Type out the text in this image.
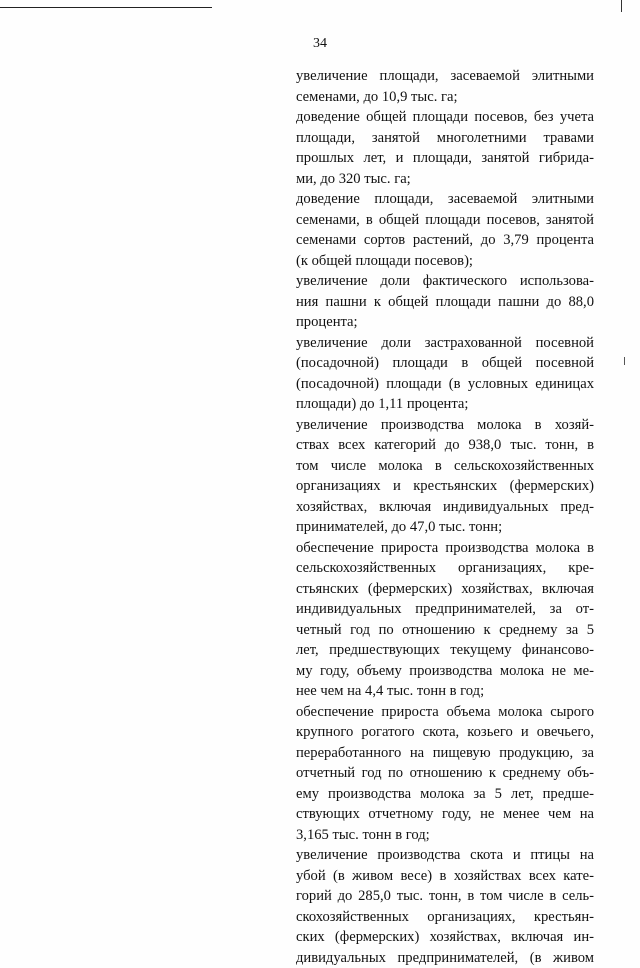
34
увеличение площади, засеваемой элитными
семенами, до 10,9 тыс. га;
доведение общей площади посевов, без учета
площади, занятой многолетними травами
прошлых лет, и площади, занятой гибрида-
ми, до 320 тыс. га;
доведение площади, засеваемой элитными
семенами, в общей площади посевов, занятой
семенами сортов растений, до 3,79 процента
(к общей площади посевов);
увеличение доли фактического использова-
ния пашни к общей площади пашни до 88,0
процента;
увеличение доли застрахованной посевной
(посадочной) площади в общей посевной
(посадочной) площади (в условных единицах
площади) до 1,11 процента;
увеличение производства молока в хозяй-
ствах всех категорий до 938,0 тыс. тонн, в
том числе молока в сельскохозяйственных
организациях и крестьянских (фермерских)
хозяйствах, включая индивидуальных пред-
принимателей, до 47,0 тыс. тонн;
обеспечение прироста производства молока в
сельскохозяйственных организациях, кре-
стьянских (фермерских) хозяйствах, включая
индивидуальных предпринимателей, за от-
четный год по отношению к среднему за 5
лет, предшествующих текущему финансово-
му году, объему производства молока не ме-
нее чем на 4,4 тыс. тонн в год;
обеспечение прироста объема молока сырого
крупного рогатого скота, козьего и овечьего,
переработанного на пищевую продукцию, за
отчетный год по отношению к среднему объ-
ему производства молока за 5 лет, предше-
ствующих отчетному году, не менее чем на
3,165 тыс. тонн в год;
увеличение производства скота и птицы на
убой (в живом весе) в хозяйствах всех кате-
горий до 285,0 тыс. тонн, в том числе в сель-
скохозяйственных организациях, крестьян-
ских (фермерских) хозяйствах, включая ин-
дивидуальных предпринимателей, (в живом
